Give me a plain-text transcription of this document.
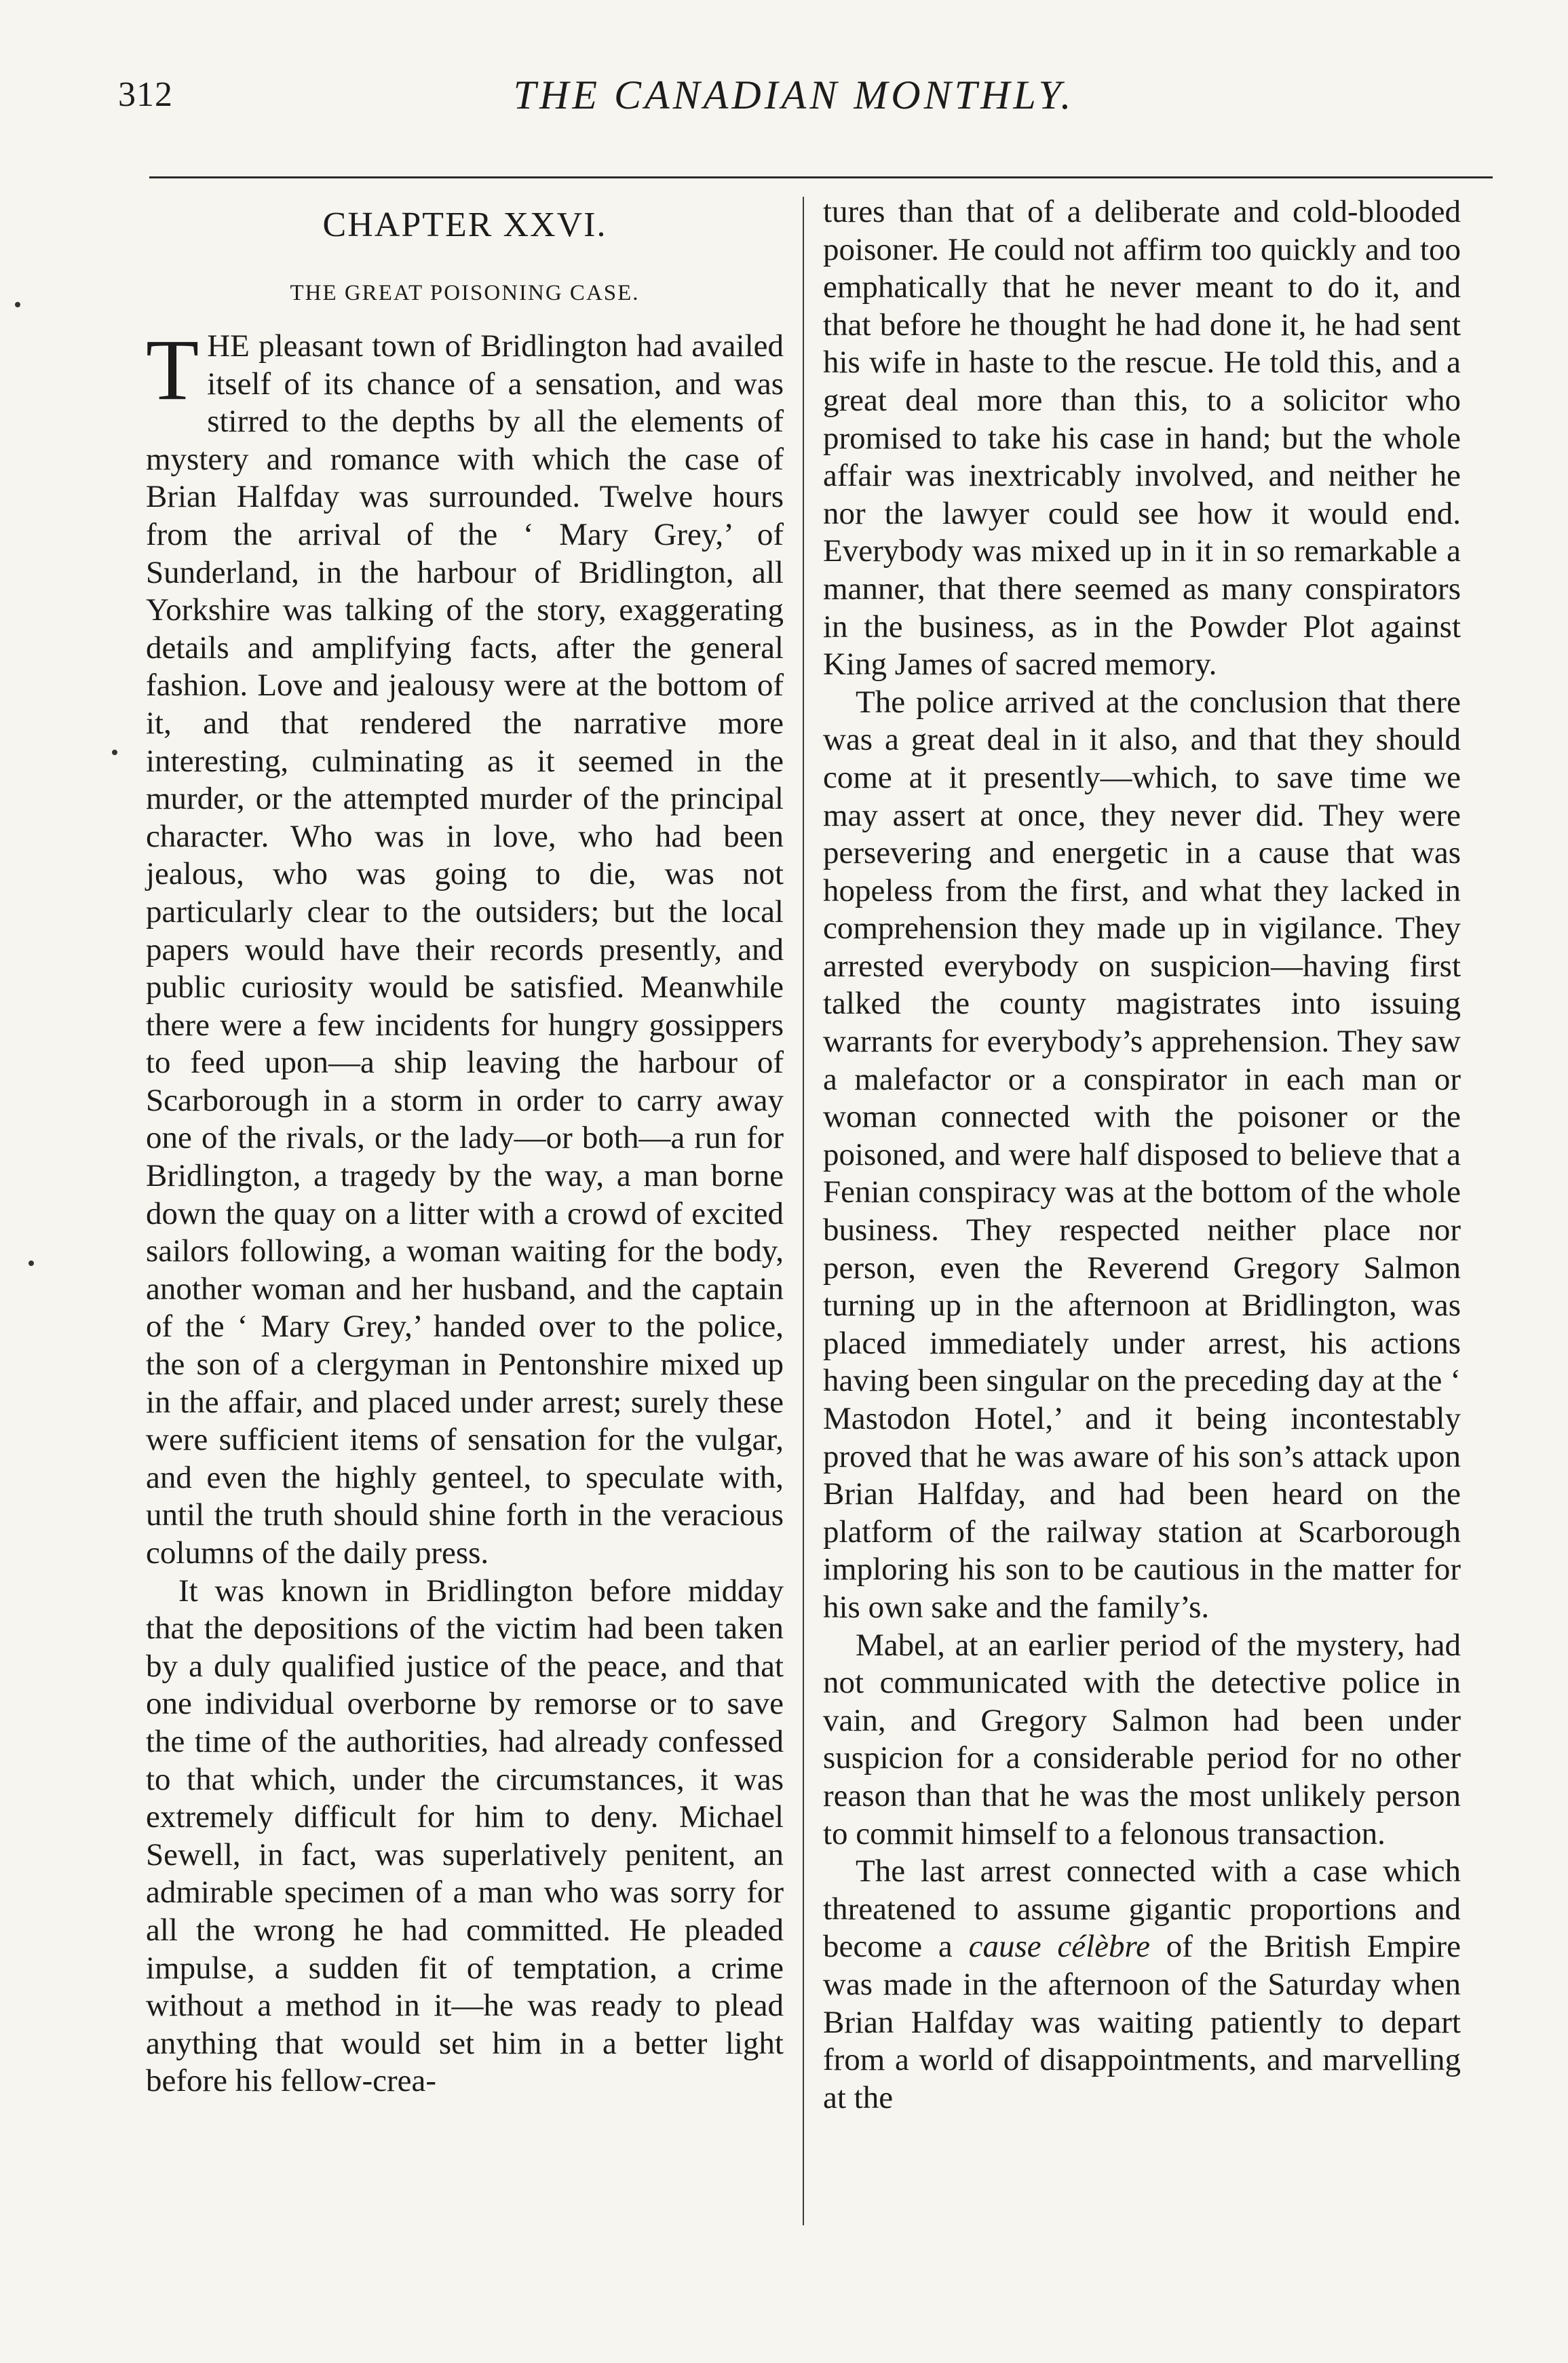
312	THE CANADIAN MONTHLY.
CHAPTER XXVI.
THE GREAT POISONING CASE.

THE pleasant town of Bridlington had availed itself of its chance of a sensation, and was stirred to the depths by all the elements of mystery and romance with which the case of Brian Halfday was surrounded. Twelve hours from the arrival of the ‘ Mary Grey,’ of Sunderland, in the harbour of Bridlington, all Yorkshire was talking of the story, exaggerating details and amplifying facts, after the general fashion. Love and jealousy were at the bottom of it, and that rendered the narrative more interesting, culminating as it seemed in the murder, or the attempted murder of the principal character. Who was in love, who had been jealous, who was going to die, was not particularly clear to the outsiders; but the local papers would have their records presently, and public curiosity would be satisfied. Meanwhile there were a few incidents for hungry gossippers to feed upon—a ship leaving the harbour of Scarborough in a storm in order to carry away one of the rivals, or the lady—or both—a run for Bridlington, a tragedy by the way, a man borne down the quay on a litter with a crowd of excited sailors following, a woman waiting for the body, another woman and her husband, and the captain of the ‘ Mary Grey,’ handed over to the police, the son of a clergyman in Pentonshire mixed up in the affair, and placed under arrest; surely these were sufficient items of sensation for the vulgar, and even the highly genteel, to speculate with, until the truth should shine forth in the veracious columns of the daily press.

It was known in Bridlington before midday that the depositions of the victim had been taken by a duly qualified justice of the peace, and that one individual overborne by remorse or to save the time of the authorities, had already confessed to that which, under the circumstances, it was extremely difficult for him to deny. Michael Sewell, in fact, was superlatively penitent, an admirable specimen of a man who was sorry for all the wrong he had committed. He pleaded impulse, a sudden fit of temptation, a crime without a method in it—he was ready to plead anything that would set him in a better light before his fellow-crea-

tures than that of a deliberate and cold-blooded poisoner. He could not affirm too quickly and too emphatically that he never meant to do it, and that before he thought he had done it, he had sent his wife in haste to the rescue. He told this, and a great deal more than this, to a solicitor who promised to take his case in hand; but the whole affair was inextricably involved, and neither he nor the lawyer could see how it would end. Everybody was mixed up in it in so remarkable a manner, that there seemed as many conspirators in the business, as in the Powder Plot against King James of sacred memory.

The police arrived at the conclusion that there was a great deal in it also, and that they should come at it presently—which, to save time we may assert at once, they never did. They were persevering and energetic in a cause that was hopeless from the first, and what they lacked in comprehension they made up in vigilance. They arrested everybody on suspicion—having first talked the county magistrates into issuing warrants for everybody’s apprehension. They saw a malefactor or a conspirator in each man or woman connected with the poisoner or the poisoned, and were half disposed to believe that a Fenian conspiracy was at the bottom of the whole business. They respected neither place nor person, even the Reverend Gregory Salmon turning up in the afternoon at Bridlington, was placed immediately under arrest, his actions having been singular on the preceding day at the ‘ Mastodon Hotel,’ and it being incontestably proved that he was aware of his son’s attack upon Brian Halfday, and had been heard on the platform of the railway station at Scarborough imploring his son to be cautious in the matter for his own sake and the family’s.

Mabel, at an earlier period of the mystery, had not communicated with the detective police in vain, and Gregory Salmon had been under suspicion for a considerable period for no other reason than that he was the most unlikely person to commit himself to a felonous transaction.

The last arrest connected with a case which threatened to assume gigantic proportions and become a cause célèbre of the British Empire was made in the afternoon of the Saturday when Brian Halfday was waiting patiently to depart from a world of disappointments, and marvelling at the
